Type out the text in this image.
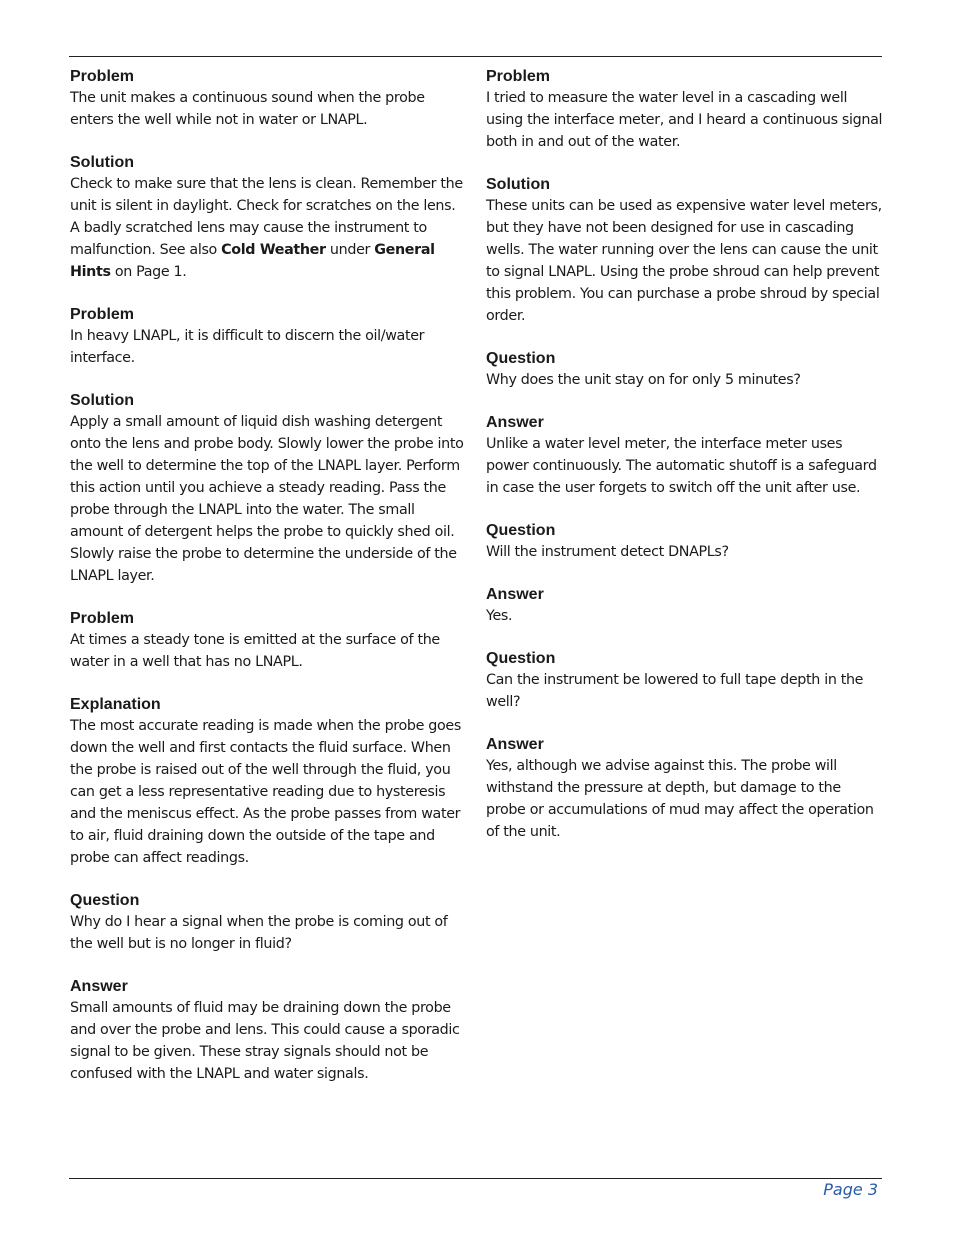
Problem

The unit makes a continuous sound when the probe enters the well while not in water or LNAPL.

Solution

Check to make sure that the lens is clean. Remember the unit is silent in daylight. Check for scratches on the lens. A badly scratched lens may cause the instrument to malfunction. See also Cold Weather under General Hints on Page 1.

Problem

In heavy LNAPL, it is difficult to discern the oil/water interface.

Solution

Apply a small amount of liquid dish washing detergent onto the lens and probe body. Slowly lower the probe into the well to determine the top of the LNAPL layer. Perform this action until you achieve a steady reading. Pass the probe through the LNAPL into the water. The small amount of detergent helps the probe to quickly shed oil. Slowly raise the probe to determine the underside of the LNAPL layer.

Problem

At times a steady tone is emitted at the surface of the water in a well that has no LNAPL.

Explanation

The most accurate reading is made when the probe goes down the well and first contacts the fluid surface. When the probe is raised out of the well through the fluid, you can get a less representative reading due to hysteresis and the meniscus effect. As the probe passes from water to air, fluid draining down the outside of the tape and probe can affect readings.

Question

Why do I hear a signal when the probe is coming out of the well but is no longer in fluid?

Answer

Small amounts of fluid may be draining down the probe and over the probe and lens. This could cause a sporadic signal to be given. These stray signals should not be confused with the LNAPL and water signals.

Problem

I tried to measure the water level in a cascading well using the interface meter, and I heard a continuous signal both in and out of the water.

Solution

These units can be used as expensive water level meters, but they have not been designed for use in cascading wells. The water running over the lens can cause the unit to signal LNAPL. Using the probe shroud can help prevent this problem. You can purchase a probe shroud by special order.

Question

Why does the unit stay on for only 5 minutes?

Answer

Unlike a water level meter, the interface meter uses power continuously. The automatic shutoff is a safeguard in case the user forgets to switch off the unit after use.

Question

Will the instrument detect DNAPLs?

Answer

Yes.

Question

Can the instrument be lowered to full tape depth in the well?

Answer

Yes, although we advise against this. The probe will withstand the pressure at depth, but damage to the probe or accumulations of mud may affect the operation of the unit.

Page 3
